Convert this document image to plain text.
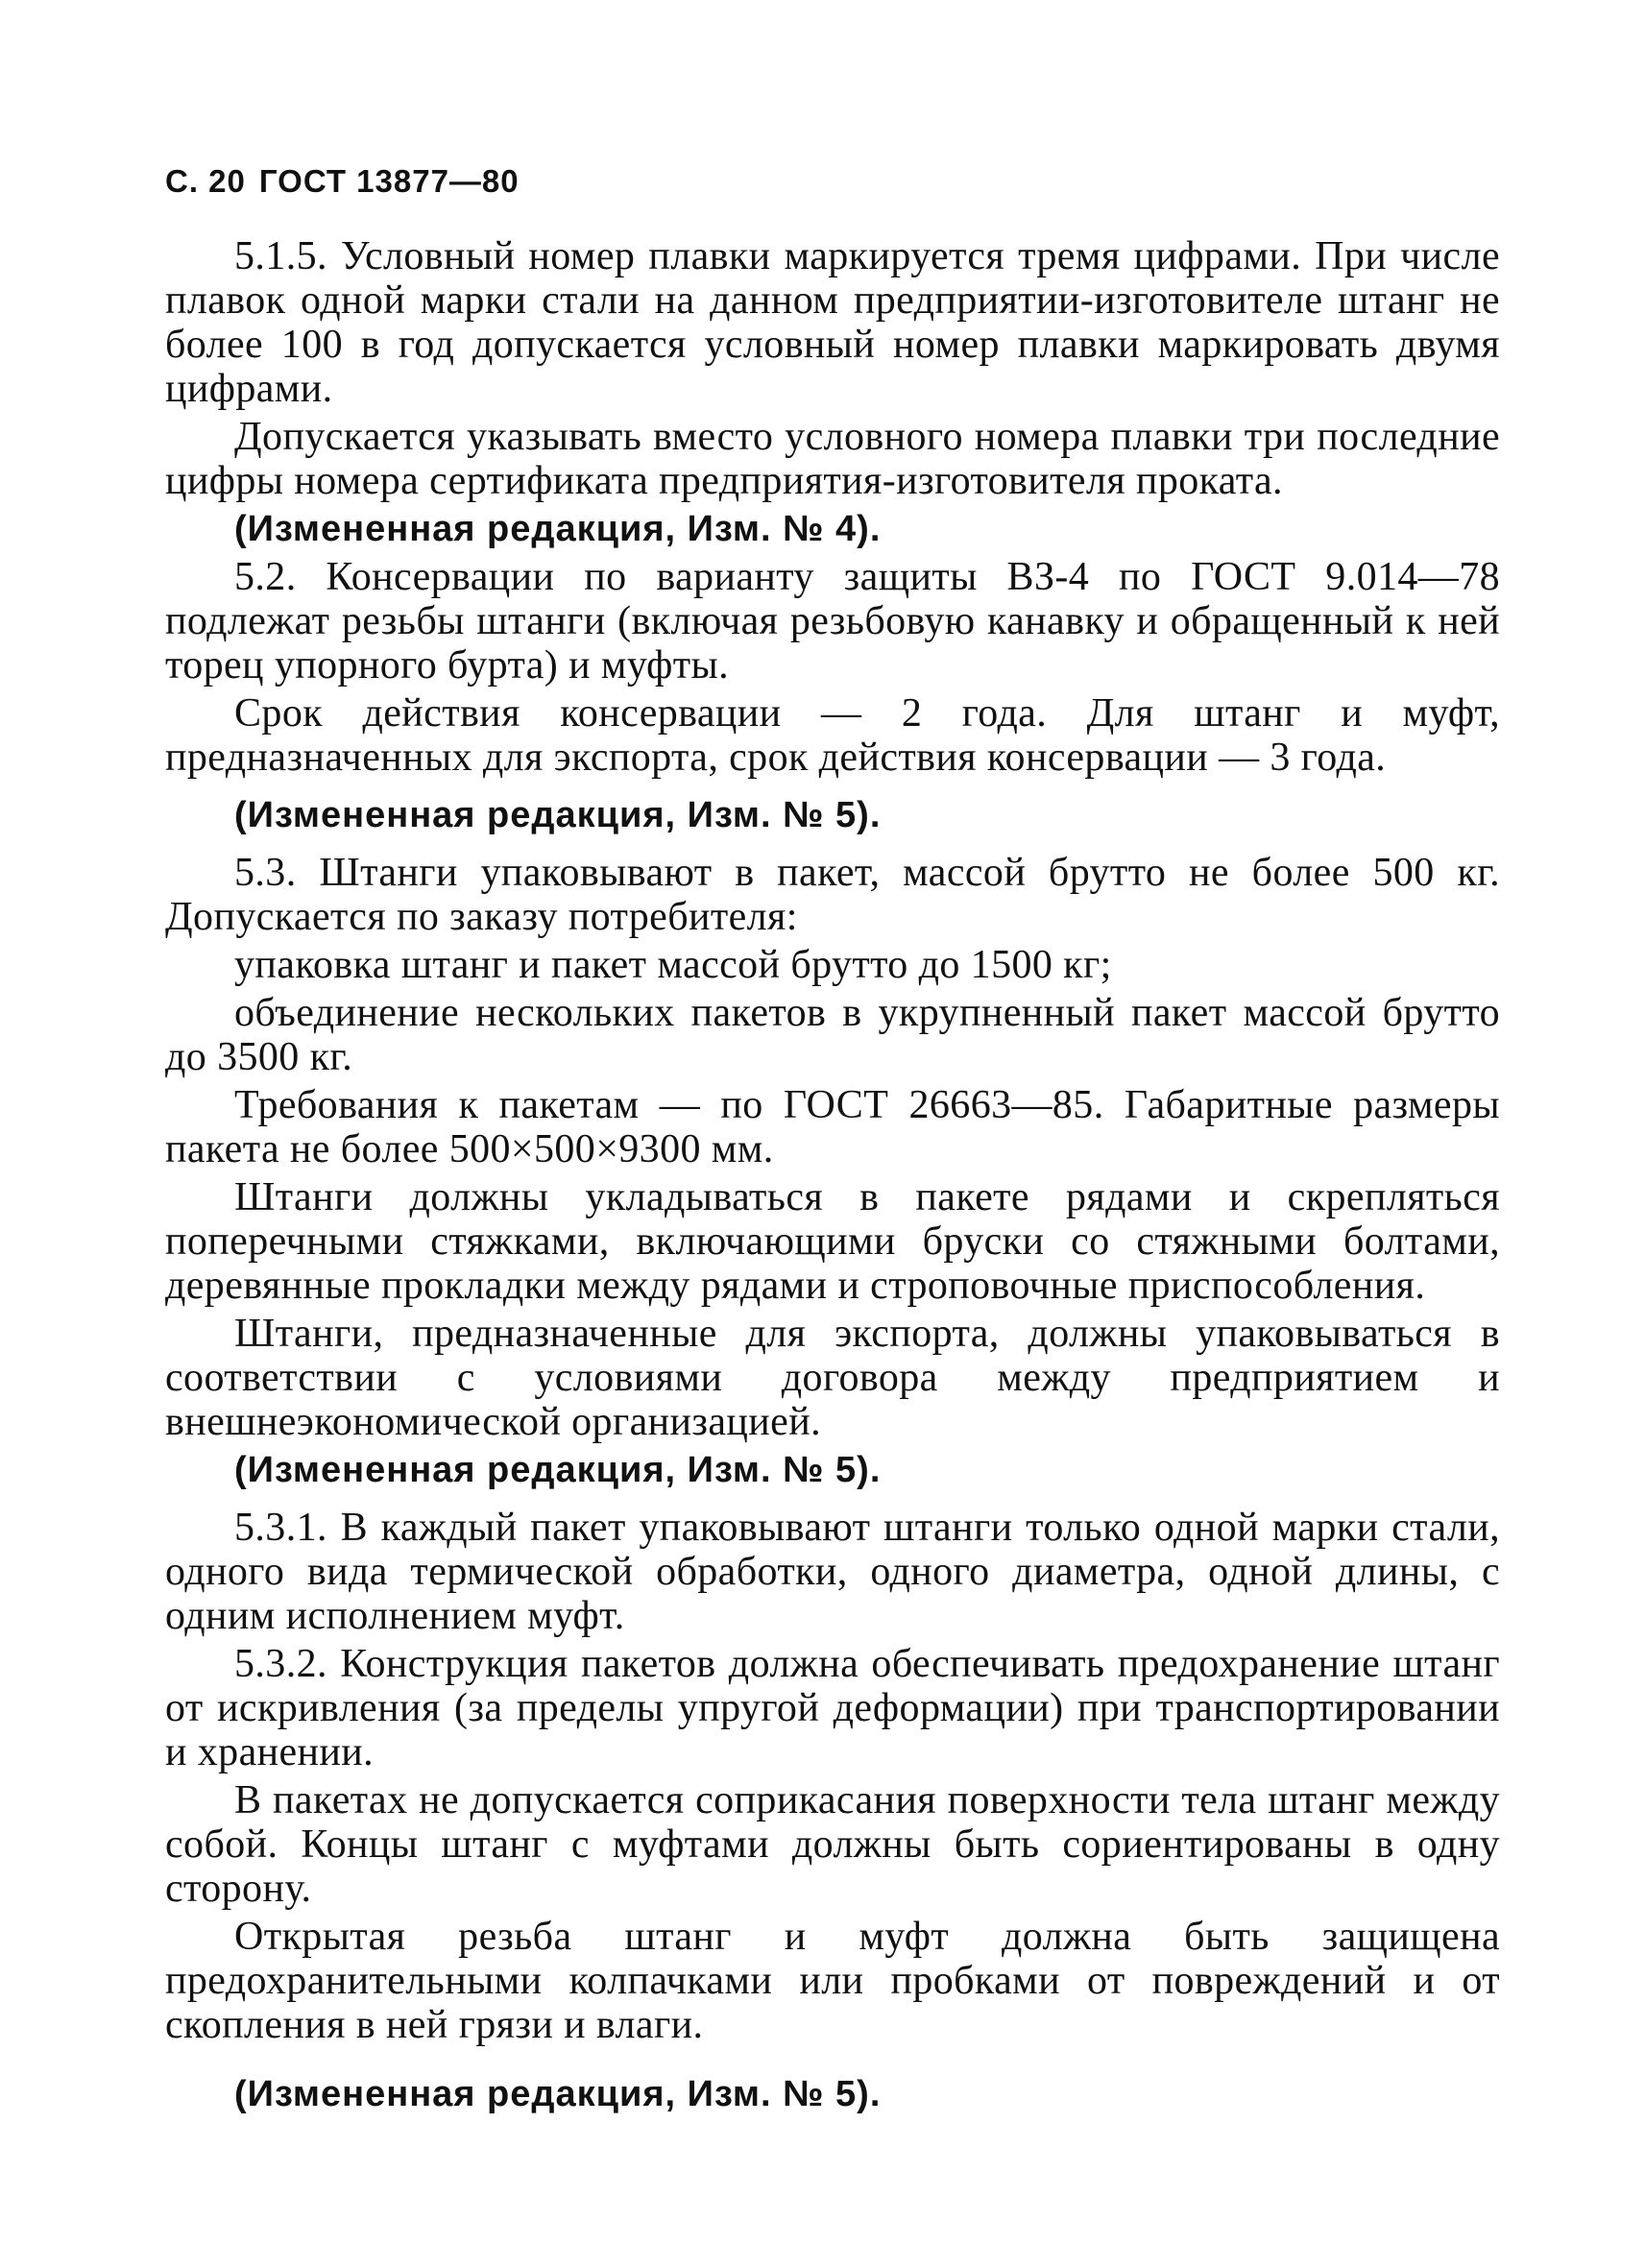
С. 20 ГОСТ 13877—80

5.1.5. Условный номер плавки маркируется тремя цифрами. При числе плавок одной марки стали на данном предприятии-изготовителе штанг не более 100 в год допускается условный номер плавки маркировать двумя цифрами.

Допускается указывать вместо условного номера плавки три последние цифры номера сертификата предприятия-изготовителя проката.

(Измененная редакция, Изм. № 4).

5.2. Консервации по варианту защиты ВЗ-4 по ГОСТ 9.014—78 подлежат резьбы штанги (включая резьбовую канавку и обращенный к ней торец упорного бурта) и муфты.

Срок действия консервации — 2 года. Для штанг и муфт, предназначенных для экспорта, срок действия консервации — 3 года.

(Измененная редакция, Изм. № 5).

5.3. Штанги упаковывают в пакет, массой брутто не более 500 кг. Допускается по заказу потребителя:

упаковка штанг и пакет массой брутто до 1500 кг;

объединение нескольких пакетов в укрупненный пакет массой брутто до 3500 кг.

Требования к пакетам — по ГОСТ 26663—85. Габаритные размеры пакета не более 500×500×9300 мм.

Штанги должны укладываться в пакете рядами и скрепляться поперечными стяжками, включающими бруски со стяжными болтами, деревянные прокладки между рядами и строповочные приспособления.

Штанги, предназначенные для экспорта, должны упаковываться в соответствии с условиями договора между предприятием и внешнеэкономической организацией.

(Измененная редакция, Изм. № 5).

5.3.1. В каждый пакет упаковывают штанги только одной марки стали, одного вида термической обработки, одного диаметра, одной длины, с одним исполнением муфт.

5.3.2. Конструкция пакетов должна обеспечивать предохранение штанг от искривления (за пределы упругой деформации) при транспортировании и хранении.

В пакетах не допускается соприкасания поверхности тела штанг между собой. Концы штанг с муфтами должны быть сориентированы в одну сторону.

Открытая резьба штанг и муфт должна быть защищена предохранительными колпачками или пробками от повреждений и от скопления в ней грязи и влаги.

(Измененная редакция, Изм. № 5).
